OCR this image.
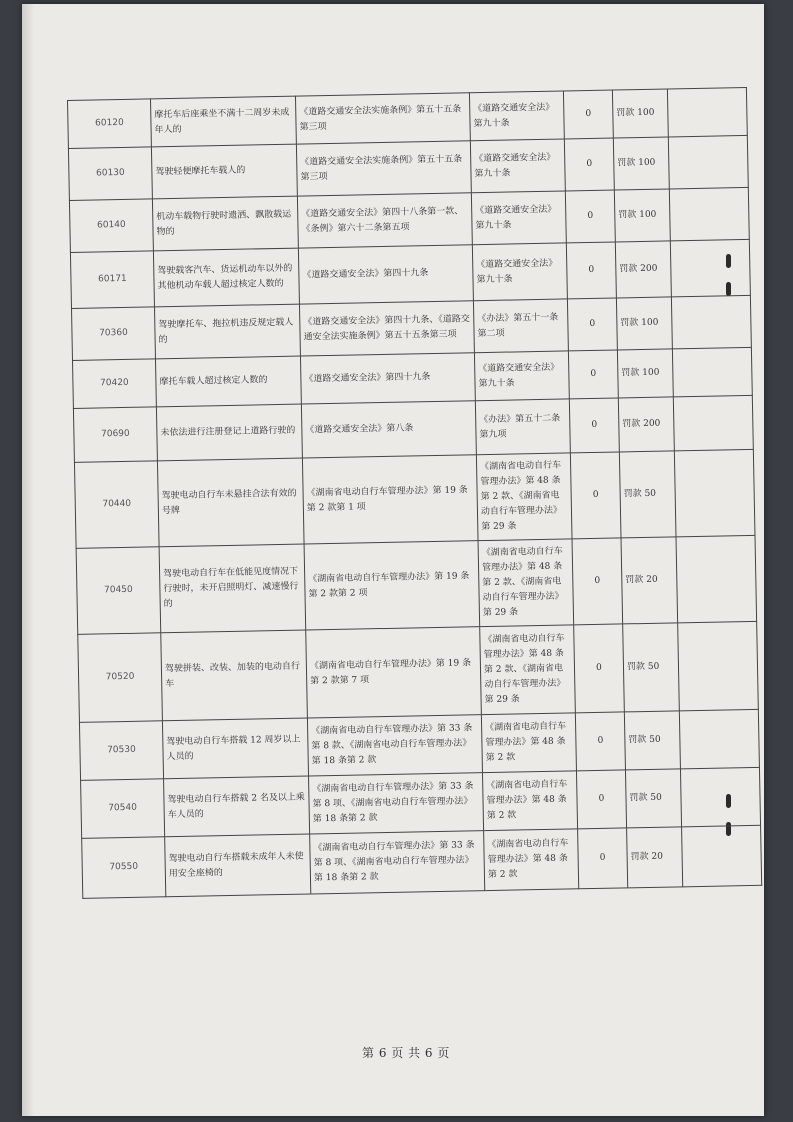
60120	摩托车后座乘坐不满十二周岁未成年人的	《道路交通安全法实施条例》第五十五条第三项	《道路交通安全法》第九十条	0	罚款 100	
60130	驾驶轻便摩托车载人的	《道路交通安全法实施条例》第五十五条第三项	《道路交通安全法》第九十条	0	罚款 100	
60140	机动车载物行驶时遗洒、飘散载运物的	《道路交通安全法》第四十八条第一款、《条例》第六十二条第五项	《道路交通安全法》第九十条	0	罚款 100	
60171	驾驶载客汽车、货运机动车以外的其他机动车载人超过核定人数的	《道路交通安全法》第四十九条	《道路交通安全法》第九十条	0	罚款 200	
70360	驾驶摩托车、拖拉机违反规定载人的	《道路交通安全法》第四十九条、《道路交通安全法实施条例》第五十五条第三项	《办法》第五十一条第二项	0	罚款 100	
70420	摩托车载人超过核定人数的	《道路交通安全法》第四十九条	《道路交通安全法》第九十条	0	罚款 100	
70690	未依法进行注册登记上道路行驶的	《道路交通安全法》第八条	《办法》第五十二条第九项	0	罚款 200	
70440	驾驶电动自行车未悬挂合法有效的号牌	《湖南省电动自行车管理办法》第 19 条第 2 款第 1 项	《湖南省电动自行车管理办法》第 48 条第 2 款、《湖南省电动自行车管理办法》第 29 条	0	罚款 50	
70450	驾驶电动自行车在低能见度情况下行驶时，未开启照明灯、减速慢行的	《湖南省电动自行车管理办法》第 19 条第 2 款第 2 项	《湖南省电动自行车管理办法》第 48 条第 2 款、《湖南省电动自行车管理办法》第 29 条	0	罚款 20	
70520	驾驶拼装、改装、加装的电动自行车	《湖南省电动自行车管理办法》第 19 条第 2 款第 7 项	《湖南省电动自行车管理办法》第 48 条第 2 款、《湖南省电动自行车管理办法》第 29 条	0	罚款 50	
70530	驾驶电动自行车搭载 12 周岁以上人员的	《湖南省电动自行车管理办法》第 33 条第 8 款、《湖南省电动自行车管理办法》第 18 条第 2 款	《湖南省电动自行车管理办法》第 48 条第 2 款	0	罚款 50	
70540	驾驶电动自行车搭载 2 名及以上乘车人员的	《湖南省电动自行车管理办法》第 33 条第 8 项、《湖南省电动自行车管理办法》第 18 条第 2 款	《湖南省电动自行车管理办法》第 48 条第 2 款	0	罚款 50	
70550	驾驶电动自行车搭载未成年人未使用安全座椅的	《湖南省电动自行车管理办法》第 33 条第 8 项、《湖南省电动自行车管理办法》第 18 条第 2 款	《湖南省电动自行车管理办法》第 48 条第 2 款	0	罚款 20	
第 6 页 共 6 页
